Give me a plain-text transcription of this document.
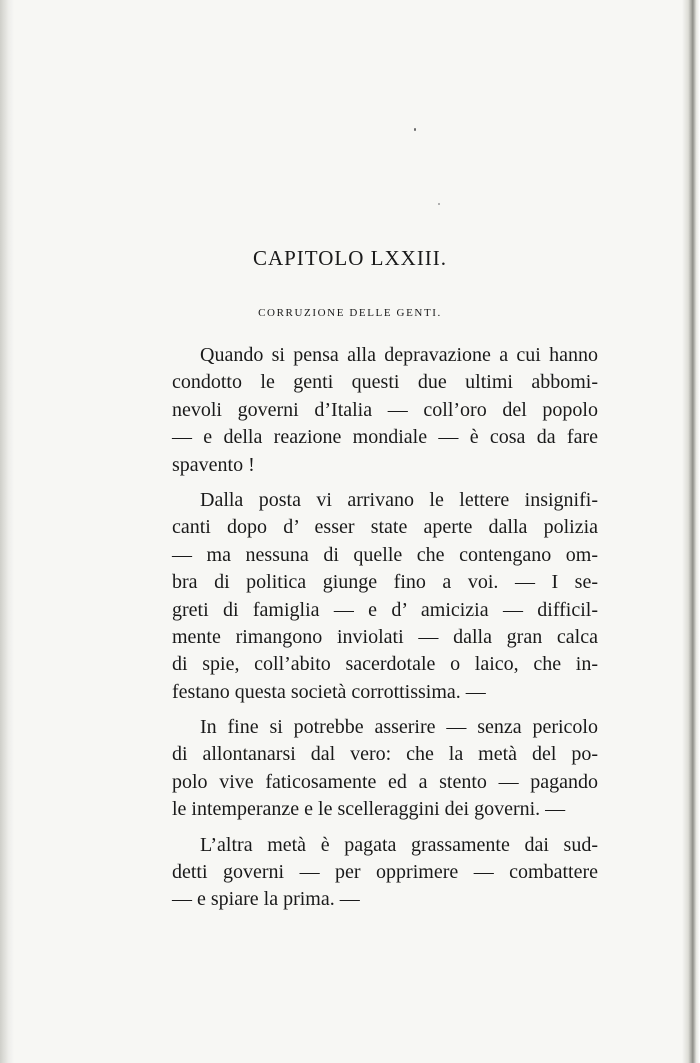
CAPITOLO LXXIII.
CORRUZIONE DELLE GENTI.
Quando si pensa alla depravazione a cui hanno
condotto le genti questi due ultimi abbomi-
nevoli governi d’Italia — coll’oro del popolo
— e della reazione mondiale — è cosa da fare
spavento !
Dalla posta vi arrivano le lettere insignifi-
canti dopo d’ esser state aperte dalla polizia
— ma nessuna di quelle che contengano om-
bra di politica giunge fino a voi. — I se-
greti di famiglia — e d’ amicizia — difficil-
mente rimangono inviolati — dalla gran calca
di spie, coll’abito sacerdotale o laico, che in-
festano questa società corrottissima. —
In fine si potrebbe asserire — senza pericolo
di allontanarsi dal vero: che la metà del po-
polo vive faticosamente ed a stento — pagando
le intemperanze e le scelleraggini dei governi. —
L’altra metà è pagata grassamente dai sud-
detti governi — per opprimere — combattere
— e spiare la prima. —
